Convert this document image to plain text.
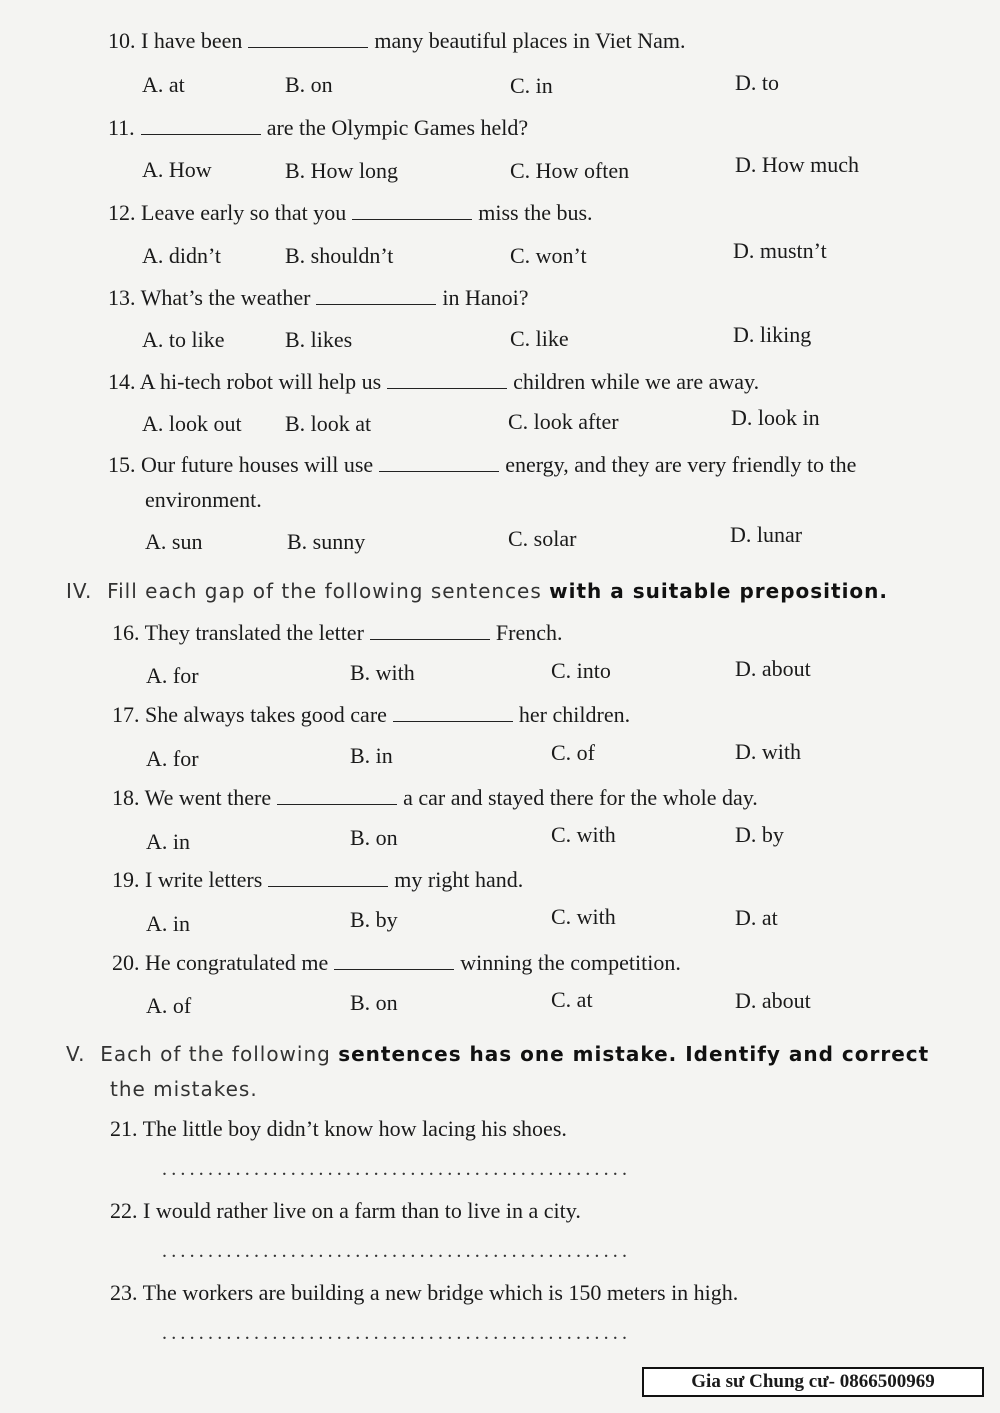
10. I have been	many beautiful places in Viet Nam.
A. at	B. on	C. in	D. to
11.	are the Olympic Games held?
A. How	B. How long	C. How often	D. How much
12. Leave early so that you	miss the bus.
A. didn’t	B. shouldn’t	C. won’t	D. mustn’t
13. What’s the weather	in Hanoi?
A. to like	B. likes	C. like	D. liking
14. A hi-tech robot will help us	children while we are away.
A. look out B. look at	C. look after	D. look in
15. Our future houses will use	energy, and they are very friendly to the
environment.
A. sun	B. sunny	C. solar	D. lunar
IV. Fill each gap of the following sentences with a suitable preposition.
16. They translated the letter	French.
A. for	B. with	C. into	D. about
17. She always takes good care	her children.
A. for	B. in	C. of	D. with
18. We went there	a car and stayed there for the whole day.
A. in	B. on	C. with	D. by
19. I write letters	my right hand.
A. in	B. by	C. with	D. at
20. He congratulated me	winning the competition.
A. of	B. on	C. at	D. about
V. Each of the following sentences has one mistake. Identify and correct
the mistakes.
21. The little boy didn’t know how lacing his shoes.
...................................................
22. I would rather live on a farm than to live in a city.
...................................................
23. The workers are building a new bridge which is 150 meters in high.
...................................................
Gia sư Chung cư- 0866500969
